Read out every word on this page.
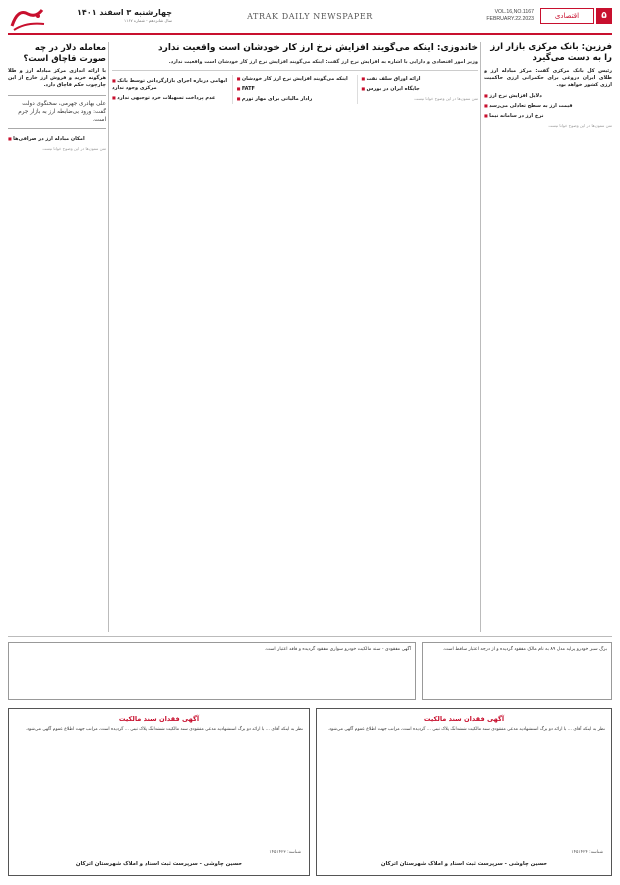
چهارشنبه ۳ اسفند ۱۴۰۱
سال شانزدهم - شماره ۱۱۶۷	ATRAK DAILY NEWSPAPER	VOL.16,NO.1167
FEBRUARY.22.2023	اقتصادی	۵
فرزین: بانک مرکزی بازار ارز را به دست می‌گیرد
رئیس کل بانک مرکزی گفت: مرکز مبادله ارز و طلای ایران دروغی برای حکمرانی ارزی حاکمیت ارزی کشور خواهد بود.
■ دلایل افزایش نرخ ارز
■ قیمت ارز به سطح تعادلی می‌رسد
■ نرخ ارز در سامانه نیما
متن ستون‌ها در این وضوح خوانا نیست
خاندوزی: اینکه می‌گویند افزایش نرخ ارز کار خودشان است واقعیت ندارد
وزیر امور اقتصادی و دارایی با اشاره به افزایش نرخ ارز گفت: اینکه می‌گویند افزایش نرخ ارز کار خودشان است واقعیت ندارد.
■ ابهامی درباره اجرای بازارگردانی توسط بانک مرکزی وجود ندارد
■ عدم پرداخت تسهیلات خرد توجیهی ندارد
■ اینکه می‌گویند افزایش نرخ ارز کار خودشان
■ FATF
■ رادار مالیاتی برای مهار تورم
■ ارائه اوراق سلف نفت
■ جایگاه ایران در بورس
متن ستون‌ها در این وضوح خوانا نیست
معامله دلار در چه صورت قاچاق است؟
با ارائه اندازی مرکز مبادله ارز و طلا هرگونه خرید و فروش ارز خارج از این چارچوب حکم قاچاق دارد.
علی بهادری جهرمی، سخنگوی دولت گفت: ورود بی‌ضابطه ارز به بازار جرم است.
■ امکان مبادله ارز در صرافی‌ها
متن ستون‌ها در این وضوح خوانا نیست
برگ سبز خودرو پراید مدل ۸۹ به نام مالک مفقود گردیده و از درجه اعتبار ساقط است.
آگهی مفقودی - سند مالکیت خودرو سواری مفقود گردیده و فاقد اعتبار است.
آگهی فقدان سند مالکیت
نظر به اینکه آقای ... با ارائه دو برگ استشهادیه مدعی مفقودی سند مالکیت ششدانگ پلاک ثبتی ... گردیده است، مراتب جهت اطلاع عموم آگهی می‌شود.
شناسه: ۱۴۵۱۴۲۴
حسین چاوشی - سرپرست ثبت اسناد و املاک شهرستان اترکان
آگهی فقدان سند مالکیت
نظر به اینکه آقای ... با ارائه دو برگ استشهادیه مدعی مفقودی سند مالکیت ششدانگ پلاک ثبتی ... گردیده است، مراتب جهت اطلاع عموم آگهی می‌شود.
شناسه: ۱۴۵۱۴۲۳
حسین چاوشی - سرپرست ثبت اسناد و املاک شهرستان اترکان
